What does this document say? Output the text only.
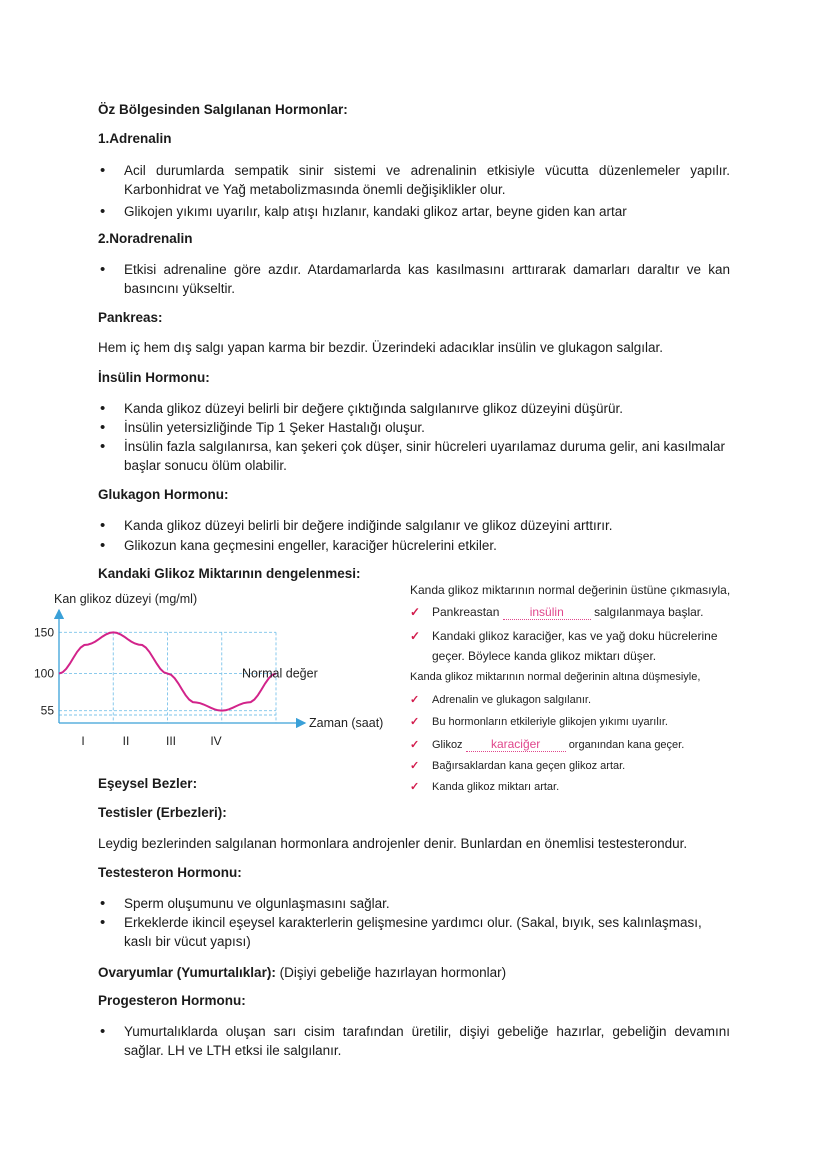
Öz Bölgesinden Salgılanan Hormonlar:
1.Adrenalin
• Acil durumlarda sempatik sinir sistemi ve adrenalinin etkisiyle vücutta düzenlemeler yapılır. Karbonhidrat ve Yağ metabolizmasında önemli değişiklikler olur.
• Glikojen yıkımı uyarılır, kalp atışı hızlanır, kandaki glikoz artar, beyne giden kan artar
2.Noradrenalin
• Etkisi adrenaline göre azdır. Atardamarlarda kas kasılmasını arttırarak damarları daraltır ve kan basıncını yükseltir.
Pankreas:
Hem iç hem dış salgı yapan karma bir bezdir. Üzerindeki adacıklar insülin ve glukagon salgılar.
İnsülin Hormonu:
• Kanda glikoz düzeyi belirli bir değere çıktığında salgılanırve glikoz düzeyini düşürür.
• İnsülin yetersizliğinde Tip 1 Şeker Hastalığı oluşur.
• İnsülin fazla salgılanırsa, kan şekeri çok düşer, sinir hücreleri uyarılamaz duruma gelir, ani kasılmalar başlar sonucu ölüm olabilir.
Glukagon Hormonu:
• Kanda glikoz düzeyi belirli bir değere indiğinde salgılanır ve glikoz düzeyini arttırır.
• Glikozun kana geçmesini engeller, karaciğer hücrelerini etkiler.
Kandaki Glikoz Miktarının dengelenmesi:
Kan glikoz düzeyi (mg/ml)
Zaman (saat)
150
100
55
I	II	III	IV
Normal değer
Kanda glikoz miktarının normal değerinin üstüne çıkmasıyla,
✓ Pankreastan	insülin	salgılanmaya başlar.
✓ Kandaki glikoz karaciğer, kas ve yağ doku hücrelerine
geçer. Böylece kanda glikoz miktarı düşer.
Kanda glikoz miktarının normal değerinin altına düşmesiyle,
✓ Adrenalin ve glukagon salgılanır.
✓ Bu hormonların etkileriyle glikojen yıkımı uyarılır.
✓ Glikoz karaciğer	organından kana geçer.
✓ Bağırsaklardan kana geçen glikoz artar.
✓ Kanda glikoz miktarı artar.
Eşeysel Bezler:
Testisler (Erbezleri):
Leydig bezlerinden salgılanan hormonlara androjenler denir. Bunlardan en önemlisi testesterondur.
Testesteron Hormonu:
• Sperm oluşumunu ve olgunlaşmasını sağlar.
• Erkeklerde ikincil eşeysel karakterlerin gelişmesine yardımcı olur. (Sakal, bıyık, ses kalınlaşması, kaslı bir vücut yapısı)
Ovaryumlar (Yumurtalıklar): (Dişiyi gebeliğe hazırlayan hormonlar)
Progesteron Hormonu:
• Yumurtalıklarda oluşan sarı cisim tarafından üretilir, dişiyi gebeliğe hazırlar, gebeliğin devamını sağlar. LH ve LTH etksi ile salgılanır.
